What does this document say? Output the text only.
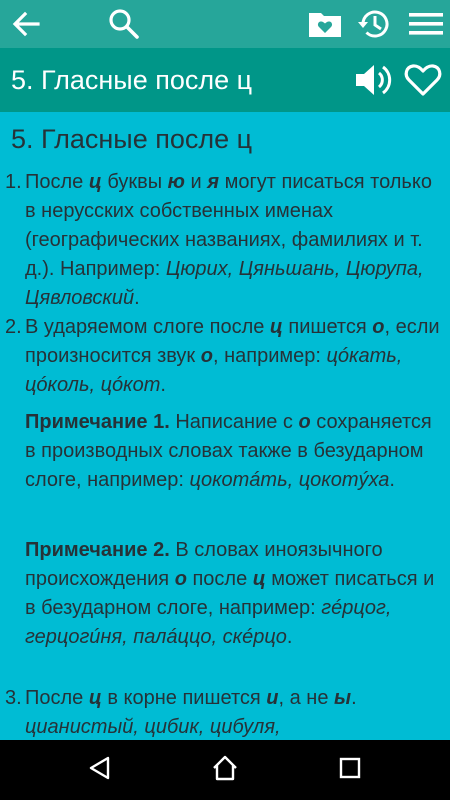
5. Гласные после ц
5. Гласные после ц
1. После ц буквы ю и я могут писаться только в нерусских собственных именах (географических названиях, фамилиях и т. д.). Например: Цюрих, Цяньшань, Цюрупа, Цявловский.
2. В ударяемом слоге после ц пишется о, если произносится звук о, например: цóкать, цóколь, цóкот.
Примечание 1. Написание с о сохраняется в производных словах также в безударном слоге, например: цокотáть, цокотýха.
Примечание 2. В словах иноязычного происхождения о после ц может писаться и в безударном слоге, например: гéрцог, герцогúня, палáццо, скéрцо.
3. После ц в корне пишется и, а не ы.
цианистый, цибик, цибуля,
